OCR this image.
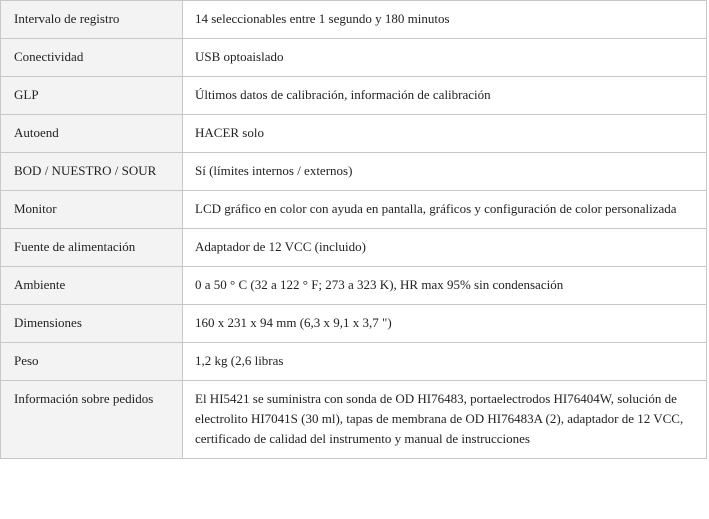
Intervalo de registro	14 seleccionables entre 1 segundo y 180 minutos
Conectividad	USB optoaislado
GLP	Últimos datos de calibración, información de calibración
Autoend	HACER solo
BOD / NUESTRO / SOUR	Sí (límites internos / externos)
Monitor	LCD gráfico en color con ayuda en pantalla, gráficos y configuración de color personalizada
Fuente de alimentación	Adaptador de 12 VCC (incluido)
Ambiente	0 a 50 ° C (32 a 122 ° F; 273 a 323 K), HR max 95% sin condensación
Dimensiones	160 x 231 x 94 mm (6,3 x 9,1 x 3,7 ")
Peso	1,2 kg (2,6 libras
Información sobre pedidos	El HI5421 se suministra con sonda de OD HI76483, portaelectrodos HI76404W, solución de electrolito HI7041S (30 ml), tapas de membrana de OD HI76483A (2), adaptador de 12 VCC, certificado de calidad del instrumento y manual de instrucciones
